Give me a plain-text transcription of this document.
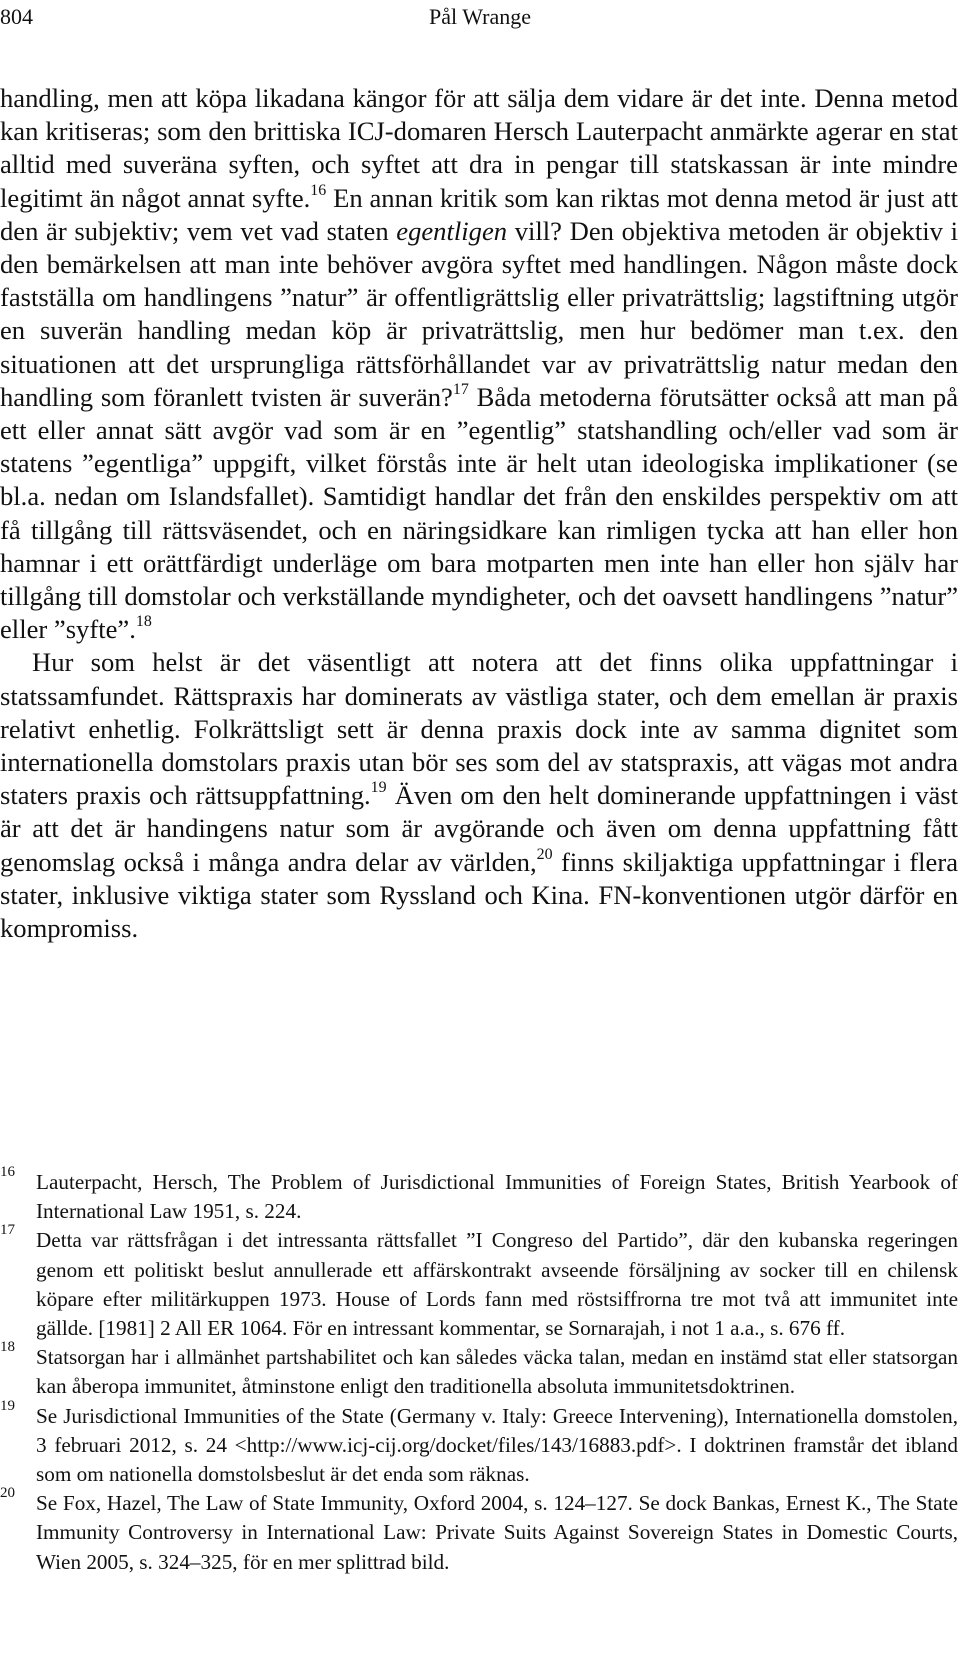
804	Pål Wrange

handling, men att köpa likadana kängor för att sälja dem vidare är det inte. Denna metod kan kritiseras; som den brittiska ICJ-domaren Hersch Lauterpacht anmärkte agerar en stat alltid med suveräna syften, och syftet att dra in pengar till statskassan är inte mindre legitimt än något annat syfte.$^{16}$ En annan kritik som kan riktas mot denna metod är just att den är subjektiv; vem vet vad staten egentligen vill? Den objektiva metoden är objektiv i den bemärkelsen att man inte behöver avgöra syftet med handlingen. Någon måste dock fastställa om handlingens ”natur” är offentligrättslig eller privaträttslig; lagstiftning utgör en suverän handling medan köp är privaträttslig, men hur bedömer man t.ex. den situationen att det ursprungliga rättsförhållandet var av privaträttslig natur medan den handling som föranlett tvisten är suverän?$^{17}$ Båda metoderna förutsätter också att man på ett eller annat sätt avgör vad som är en ”egentlig” statshandling och/eller vad som är statens ”egentliga” uppgift, vilket förstås inte är helt utan ideologiska implikationer (se bl.a. nedan om Islandsfallet). Samtidigt handlar det från den enskildes perspektiv om att få tillgång till rättsväsendet, och en näringsidkare kan rimligen tycka att han eller hon hamnar i ett orättfärdigt underläge om bara motparten men inte han eller hon själv har tillgång till domstolar och verkställande myndigheter, och det oavsett handlingens ”natur” eller ”syfte”.$^{18}$

Hur som helst är det väsentligt att notera att det finns olika uppfattningar i statssamfundet. Rättspraxis har dominerats av västliga stater, och dem emellan är praxis relativt enhetlig. Folkrättsligt sett är denna praxis dock inte av samma dignitet som internationella domstolars praxis utan bör ses som del av statspraxis, att vägas mot andra staters praxis och rättsuppfattning.$^{19}$ Även om den helt dominerande uppfattningen i väst är att det är handingens natur som är avgörande och även om denna uppfattning fått genomslag också i många andra delar av världen,$^{20}$ finns skiljaktiga uppfattningar i flera stater, inklusive viktiga stater som Ryssland och Kina. FN-konventionen utgör därför en kompromiss.

16 Lauterpacht, Hersch, The Problem of Jurisdictional Immunities of Foreign States, British Yearbook of International Law 1951, s. 224.

17 Detta var rättsfrågan i det intressanta rättsfallet ”I Congreso del Partido”, där den kubanska regeringen genom ett politiskt beslut annullerade ett affärskontrakt avseende försäljning av socker till en chilensk köpare efter militärkuppen 1973. House of Lords fann med röstsiffrorna tre mot två att immunitet inte gällde. [1981] 2 All ER 1064. För en intressant kommentar, se Sornarajah, i not 1 a.a., s. 676 ff.

18 Statsorgan har i allmänhet partshabilitet och kan således väcka talan, medan en instämd stat eller statsorgan kan åberopa immunitet, åtminstone enligt den traditionella absoluta immunitetsdoktrinen.

19 Se Jurisdictional Immunities of the State (Germany v. Italy: Greece Intervening), Internationella domstolen, 3 februari 2012, s. 24 <http://www.icj-cij.org/docket/files/143/16883.pdf>. I doktrinen framstår det ibland som om nationella domstolsbeslut är det enda som räknas.

20 Se Fox, Hazel, The Law of State Immunity, Oxford 2004, s. 124–127. Se dock Bankas, Ernest K., The State Immunity Controversy in International Law: Private Suits Against Sovereign States in Domestic Courts, Wien 2005, s. 324–325, för en mer splittrad bild.
